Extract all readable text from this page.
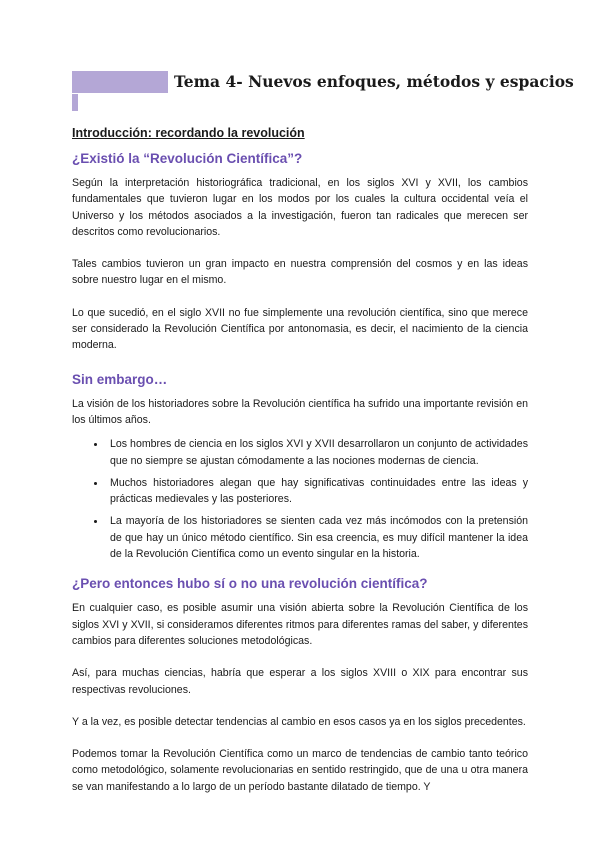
Tema 4- Nuevos enfoques, métodos y espacios
Introducción: recordando la revolución
¿Existió la “Revolución Científica”?

Según la interpretación historiográfica tradicional, en los siglos XVI y XVII, los cambios fundamentales que tuvieron lugar en los modos por los cuales la cultura occidental veía el Universo y los métodos asociados a la investigación, fueron tan radicales que merecen ser descritos como revolucionarios.

Tales cambios tuvieron un gran impacto en nuestra comprensión del cosmos y en las ideas sobre nuestro lugar en el mismo.

Lo que sucedió, en el siglo XVII no fue simplemente una revolución científica, sino que merece ser considerado la Revolución Científica por antonomasia, es decir, el nacimiento de la ciencia moderna.

Sin embargo…

La visión de los historiadores sobre la Revolución científica ha sufrido una importante revisión en los últimos años.

• Los hombres de ciencia en los siglos XVI y XVII desarrollaron un conjunto de actividades que no siempre se ajustan cómodamente a las nociones modernas de ciencia.
• Muchos historiadores alegan que hay significativas continuidades entre las ideas y prácticas medievales y las posteriores.
• La mayoría de los historiadores se sienten cada vez más incómodos con la pretensión de que hay un único método científico. Sin esa creencia, es muy difícil mantener la idea de la Revolución Científica como un evento singular en la historia.
¿Pero entonces hubo sí o no una revolución científica?

En cualquier caso, es posible asumir una visión abierta sobre la Revolución Científica de los siglos XVI y XVII, si consideramos diferentes ritmos para diferentes ramas del saber, y diferentes cambios para diferentes soluciones metodológicas.

Así, para muchas ciencias, habría que esperar a los siglos XVIII o XIX para encontrar sus respectivas revoluciones.

Y a la vez, es posible detectar tendencias al cambio en esos casos ya en los siglos precedentes.

Podemos tomar la Revolución Científica como un marco de tendencias de cambio tanto teórico como metodológico, solamente revolucionarias en sentido restringido, que de una u otra manera se van manifestando a lo largo de un período bastante dilatado de tiempo. Y
